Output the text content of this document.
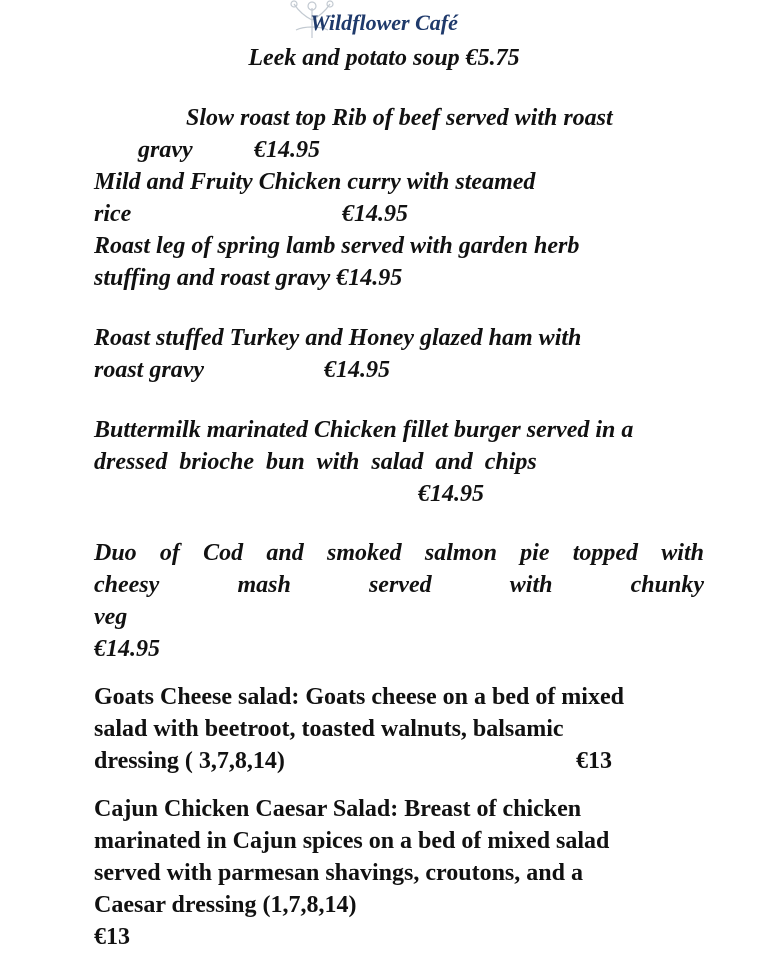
Wildflower Café
Leek and potato soup €5.75
Slow roast top Rib of beef served with roast
gravy	€14.95
Mild and Fruity Chicken curry with steamed
rice	€14.95
Roast leg of spring lamb served with garden herb
stuffing and roast gravy €14.95
Roast stuffed Turkey and Honey glazed ham with
roast gravy	€14.95
Buttermilk marinated Chicken fillet burger served in a
dressed  brioche  bun  with  salad  and  chips
€14.95
Duo of Cod and smoked salmon pie topped with
cheesy	mash	served	with	chunky
veg
€14.95
Goats Cheese salad: Goats cheese on a bed of mixed
salad with beetroot, toasted walnuts, balsamic
dressing ( 3,7,8,14)	€13
Cajun Chicken Caesar Salad: Breast of chicken
marinated in Cajun spices on a bed of mixed salad
served with parmesan shavings, croutons, and a
Caesar dressing (1,7,8,14)
€13
